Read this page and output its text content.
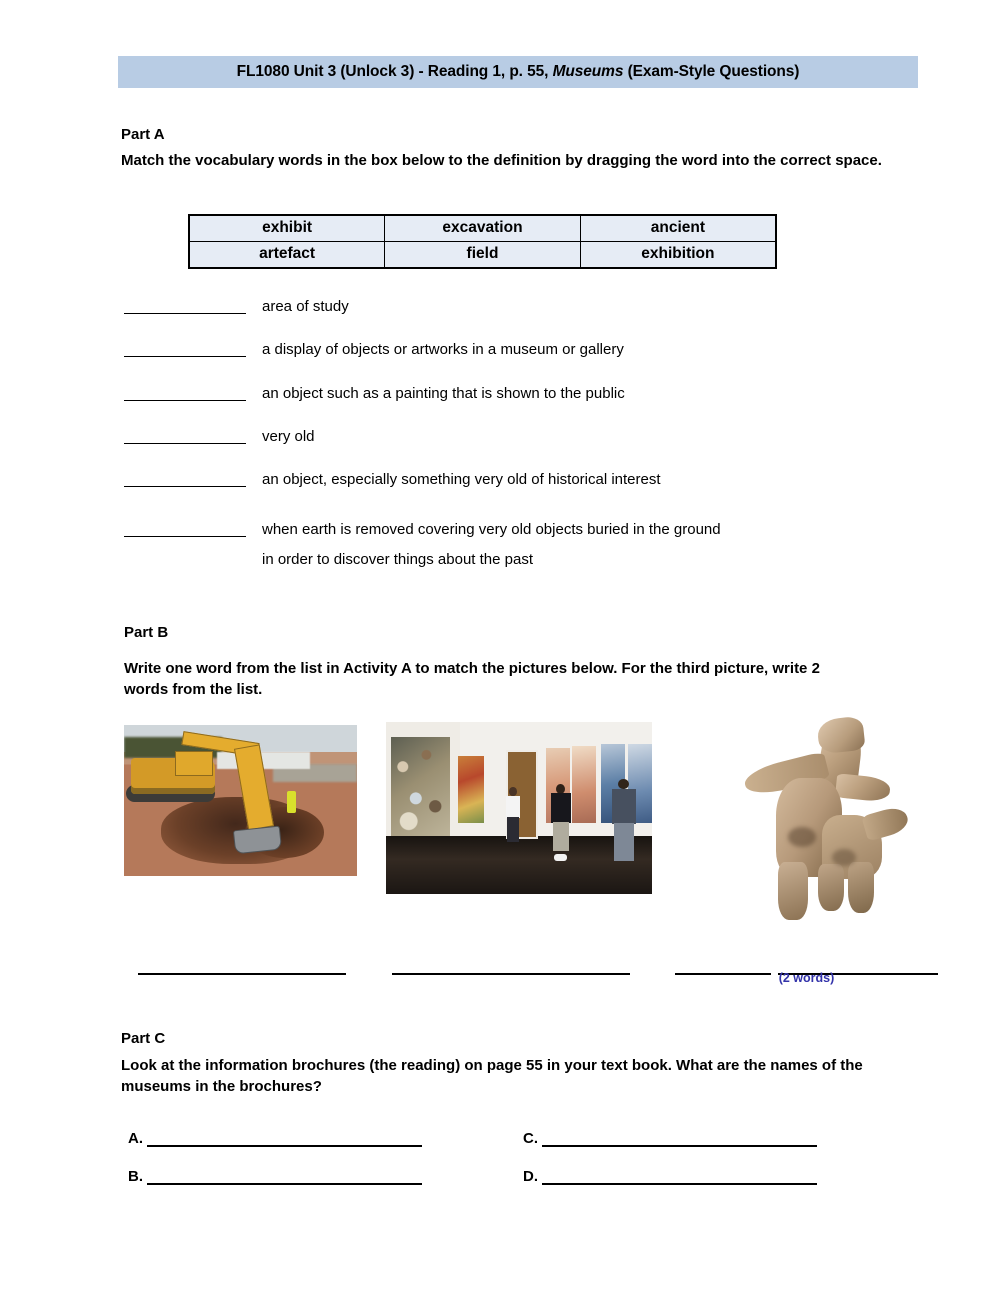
FL1080 Unit 3 (Unlock 3) - Reading 1, p. 55, Museums (Exam-Style Questions)
Part A
Match the vocabulary words in the box below to the definition by dragging the word into the correct space.
exhibit	excavation	ancient
artefact	field	exhibition
area of study
a display of objects or artworks in a museum or gallery
an object such as a painting that is shown to the public
very old
an object, especially something very old of historical interest
when earth is removed covering very old objects buried in the ground
in order to discover things about the past
Part B
Write one word from the list in Activity A to match the pictures below. For the third picture, write 2 words from the list.
(2 words)
Part C
Look at the information brochures (the reading) on page 55 in your text book. What are the names of the museums in the brochures?
A.	C.
B.	D.
